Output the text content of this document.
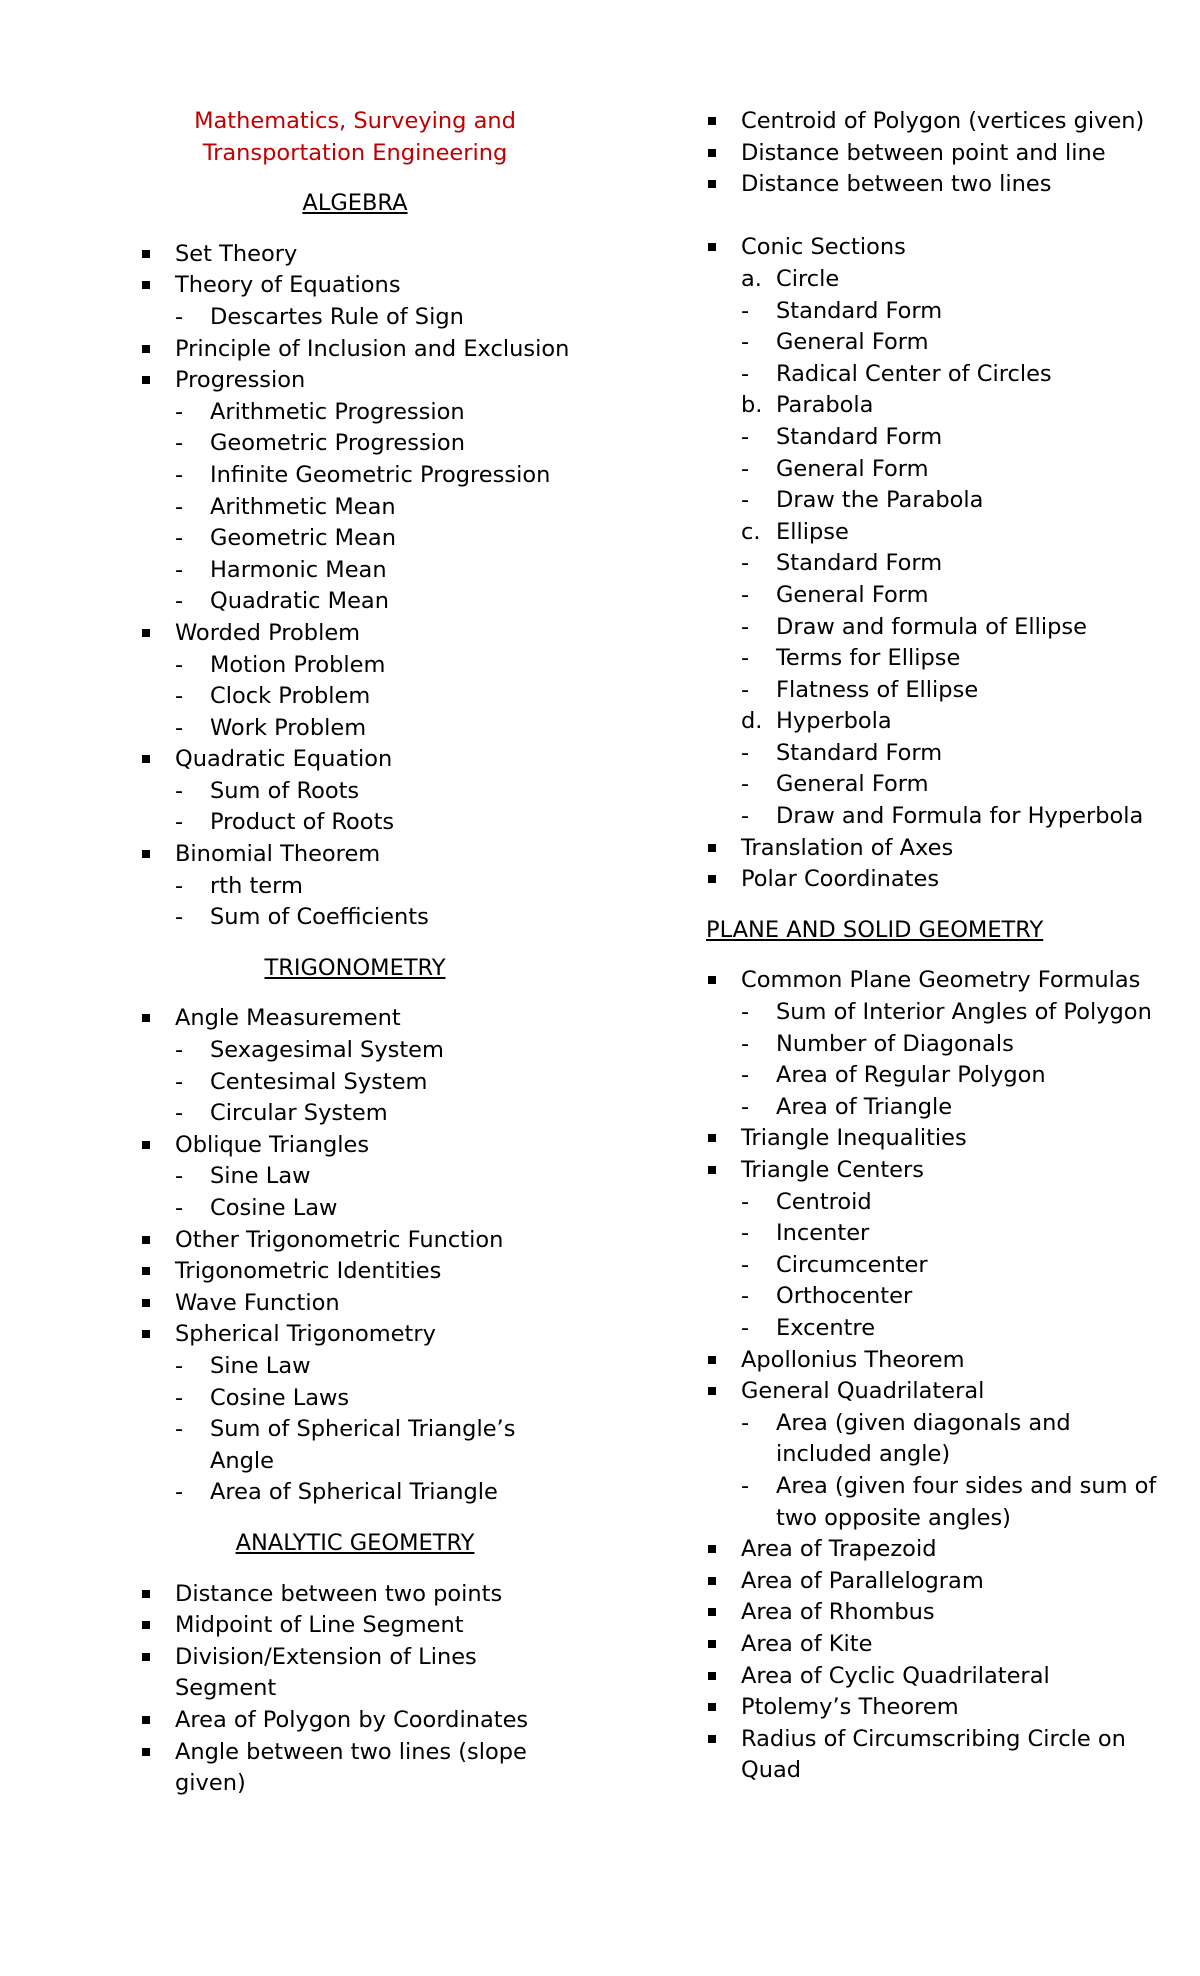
Mathematics, Surveying and
Transportation Engineering
ALGEBRA
Set Theory
Theory of Equations
-	Descartes Rule of Sign
Principle of Inclusion and Exclusion
Progression
-	Arithmetic Progression
-	Geometric Progression
-	Infinite Geometric Progression
-	Arithmetic Mean
-	Geometric Mean
-	Harmonic Mean
-	Quadratic Mean
Worded Problem
-	Motion Problem
-	Clock Problem
-	Work Problem
Quadratic Equation
-	Sum of Roots
-	Product of Roots
Binomial Theorem
-	rth term
-	Sum of Coefficients
TRIGONOMETRY
Angle Measurement
-	Sexagesimal System
-	Centesimal System
-	Circular System
Oblique Triangles
-	Sine Law
-	Cosine Law
Other Trigonometric Function
Trigonometric Identities
Wave Function
Spherical Trigonometry
-	Sine Law
-	Cosine Laws
-	Sum of Spherical Triangle’s Angle
-	Area of Spherical Triangle
ANALYTIC GEOMETRY
Distance between two points
Midpoint of Line Segment
Division/Extension of Lines Segment
Area of Polygon by Coordinates
Angle between two lines (slope given)
Centroid of Polygon (vertices given)
Distance between point and line
Distance between two lines
Conic Sections
a. Circle
-	Standard Form
-	General Form
-	Radical Center of Circles
b. Parabola
-	Standard Form
-	General Form
-	Draw the Parabola
c. Ellipse
-	Standard Form
-	General Form
-	Draw and formula of Ellipse
-	Terms for Ellipse
-	Flatness of Ellipse
d. Hyperbola
-	Standard Form
-	General Form
-	Draw and Formula for Hyperbola
Translation of Axes
Polar Coordinates
PLANE AND SOLID GEOMETRY
Common Plane Geometry Formulas
-	Sum of Interior Angles of Polygon
-	Number of Diagonals
-	Area of Regular Polygon
-	Area of Triangle
Triangle Inequalities
Triangle Centers
-	Centroid
-	Incenter
-	Circumcenter
-	Orthocenter
-	Excentre
Apollonius Theorem
General Quadrilateral
-	Area (given diagonals and included angle)
-	Area (given four sides and sum of two opposite angles)
Area of Trapezoid
Area of Parallelogram
Area of Rhombus
Area of Kite
Area of Cyclic Quadrilateral
Ptolemy’s Theorem
Radius of Circumscribing Circle on Quad
